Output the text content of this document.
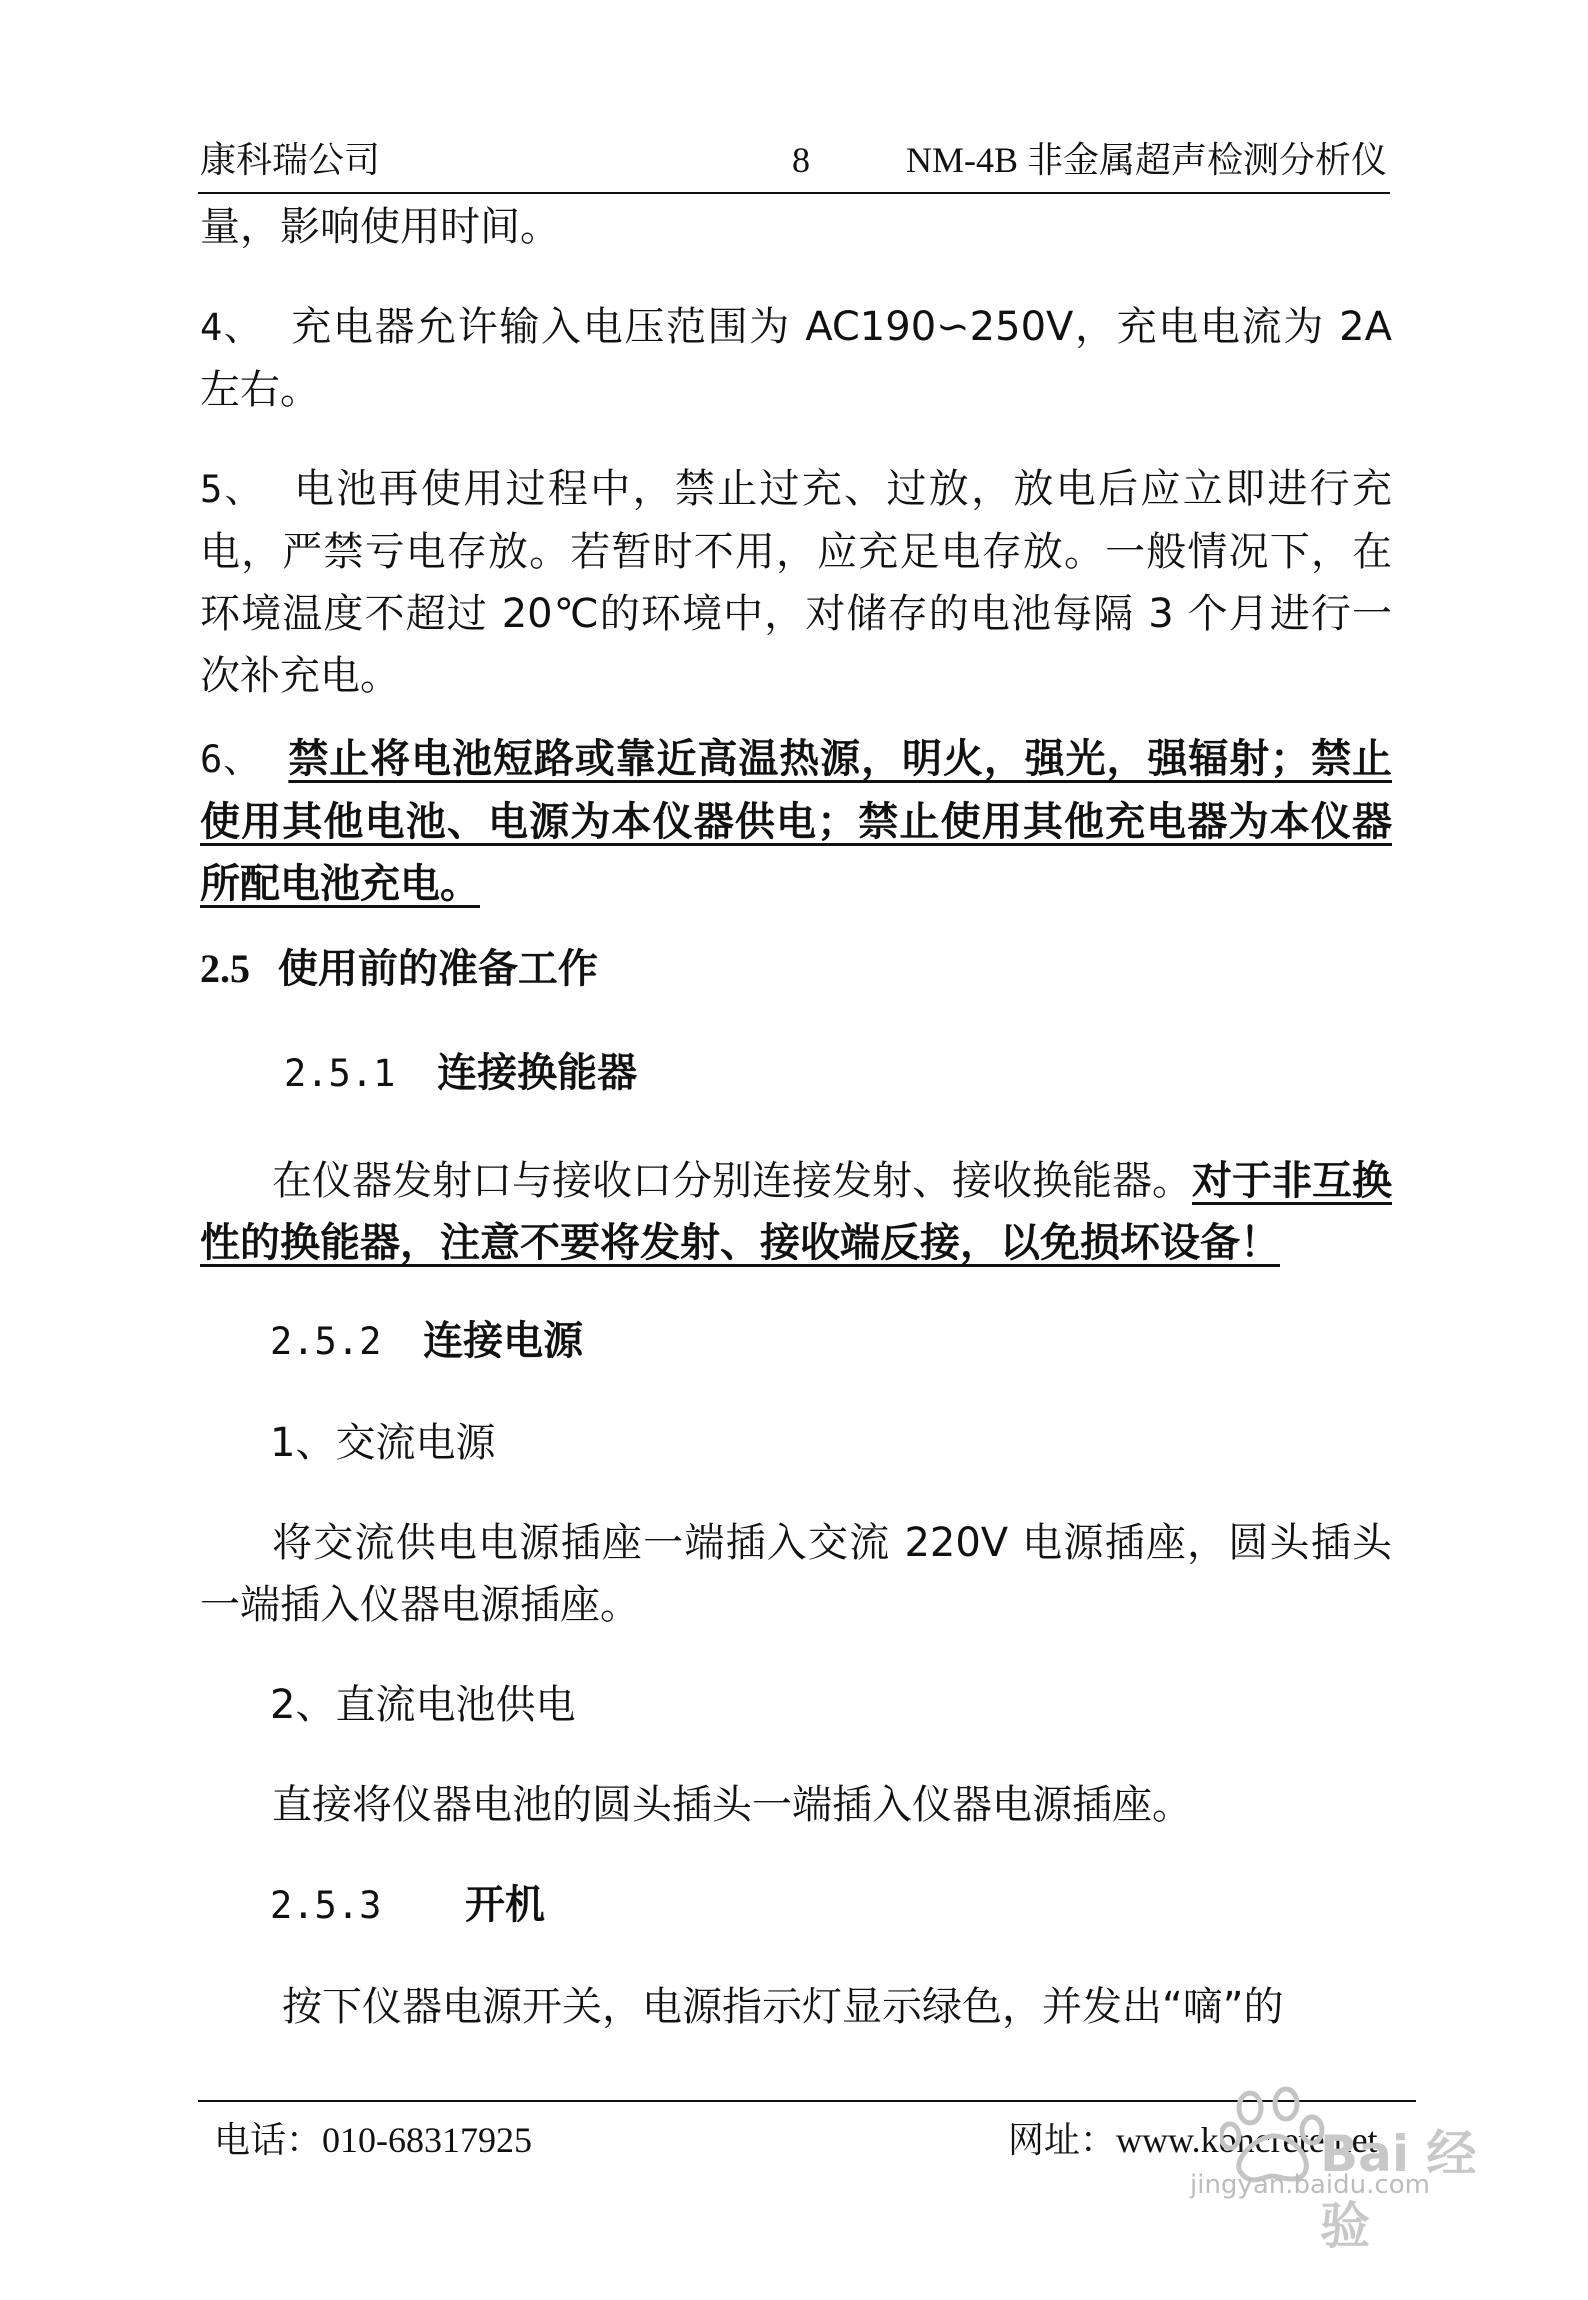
康科瑞公司	8	NM-4B 非金属超声检测分析仪
量，影响使用时间。
4、 充电器允许输入电压范围为 AC190∽250V，充电电流为 2A 左右。
5、 电池再使用过程中，禁止过充、过放，放电后应立即进行充电，严禁亏电存放。若暂时不用，应充足电存放。一般情况下，在环境温度不超过 20℃的环境中，对储存的电池每隔 3 个月进行一次补充电。
6、 禁止将电池短路或靠近高温热源，明火，强光，强辐射；禁止使用其他电池、电源为本仪器供电；禁止使用其他充电器为本仪器所配电池充电。
2.5 使用前的准备工作
2.5.1 连接换能器
在仪器发射口与接收口分别连接发射、接收换能器。对于非互换性的换能器，注意不要将发射、接收端反接，以免损坏设备！
2.5.2 连接电源
1、交流电源
将交流供电电源插座一端插入交流 220V 电源插座，圆头插头一端插入仪器电源插座。
2、直流电池供电
直接将仪器电池的圆头插头一端插入仪器电源插座。
2.5.3 开机
按下仪器电源开关，电源指示灯显示绿色，并发出“嘀”的
电话：010-68317925	网址：www.koncrete.net
Bai 经验
jingyan.baidu.com
